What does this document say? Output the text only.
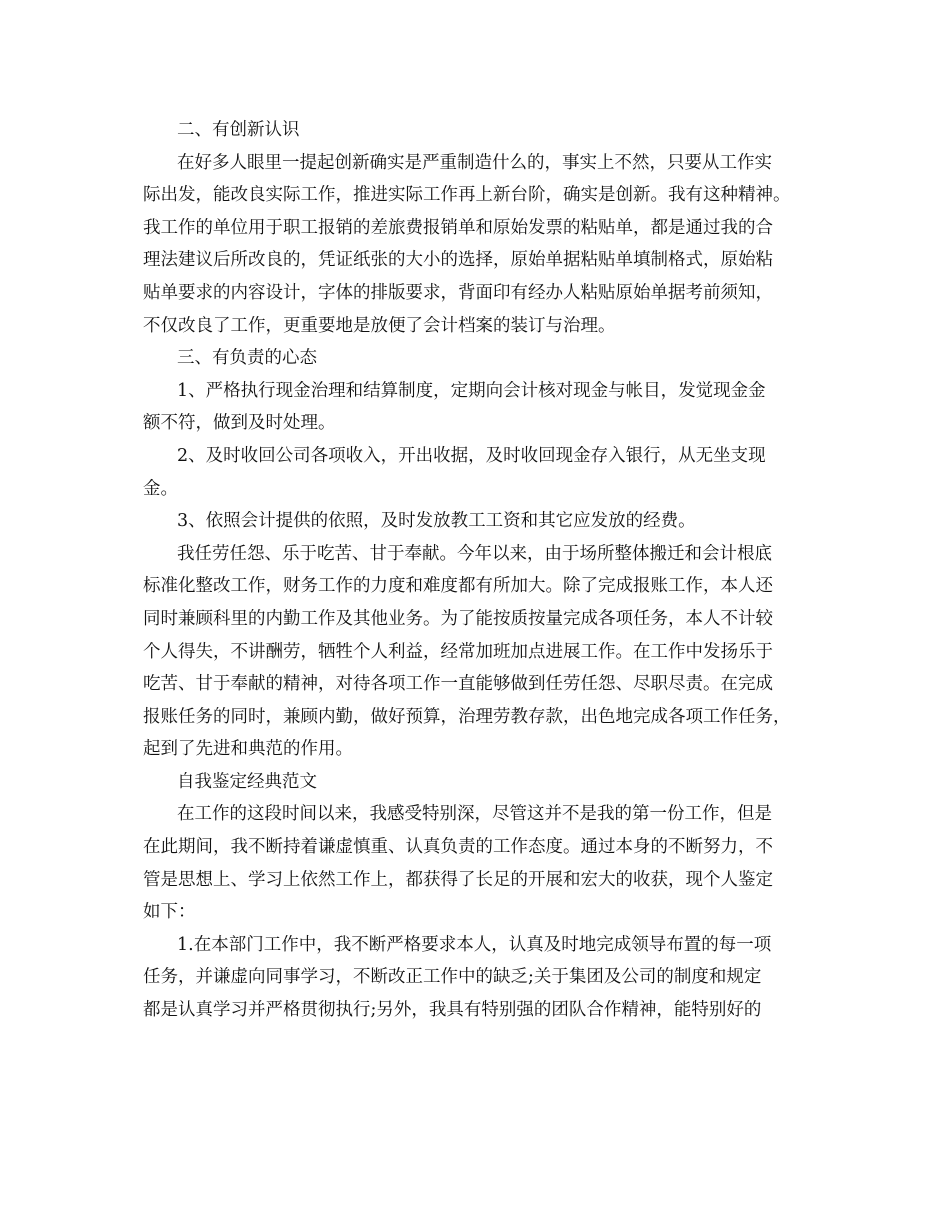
二、有创新认识

在好多人眼里一提起创新确实是严重制造什么的，事实上不然，只要从工作实
际出发，能改良实际工作，推进实际工作再上新台阶，确实是创新。我有这种精神。
我工作的单位用于职工报销的差旅费报销单和原始发票的粘贴单，都是通过我的合
理法建议后所改良的，凭证纸张的大小的选择，原始单据粘贴单填制格式，原始粘
贴单要求的内容设计，字体的排版要求，背面印有经办人粘贴原始单据考前须知，
不仅改良了工作，更重要地是放便了会计档案的装订与治理。

三、有负责的心态

1、严格执行现金治理和结算制度，定期向会计核对现金与帐目，发觉现金金
额不符，做到及时处理。

2、及时收回公司各项收入，开出收据，及时收回现金存入银行，从无坐支现
金。

3、依照会计提供的依照，及时发放教工工资和其它应发放的经费。

我任劳任怨、乐于吃苦、甘于奉献。今年以来，由于场所整体搬迁和会计根底
标准化整改工作，财务工作的力度和难度都有所加大。除了完成报账工作，本人还
同时兼顾科里的内勤工作及其他业务。为了能按质按量完成各项任务，本人不计较
个人得失，不讲酬劳，牺牲个人利益，经常加班加点进展工作。在工作中发扬乐于
吃苦、甘于奉献的精神，对待各项工作一直能够做到任劳任怨、尽职尽责。在完成
报账任务的同时，兼顾内勤，做好预算，治理劳教存款，出色地完成各项工作任务，
起到了先进和典范的作用。

自我鉴定经典范文

在工作的这段时间以来，我感受特别深，尽管这并不是我的第一份工作，但是
在此期间，我不断持着谦虚慎重、认真负责的工作态度。通过本身的不断努力，不
管是思想上、学习上依然工作上，都获得了长足的开展和宏大的收获，现个人鉴定
如下：

1.在本部门工作中，我不断严格要求本人，认真及时地完成领导布置的每一项
任务，并谦虚向同事学习，不断改正工作中的缺乏;关于集团及公司的制度和规定
都是认真学习并严格贯彻执行;另外，我具有特别强的团队合作精神，能特别好的
